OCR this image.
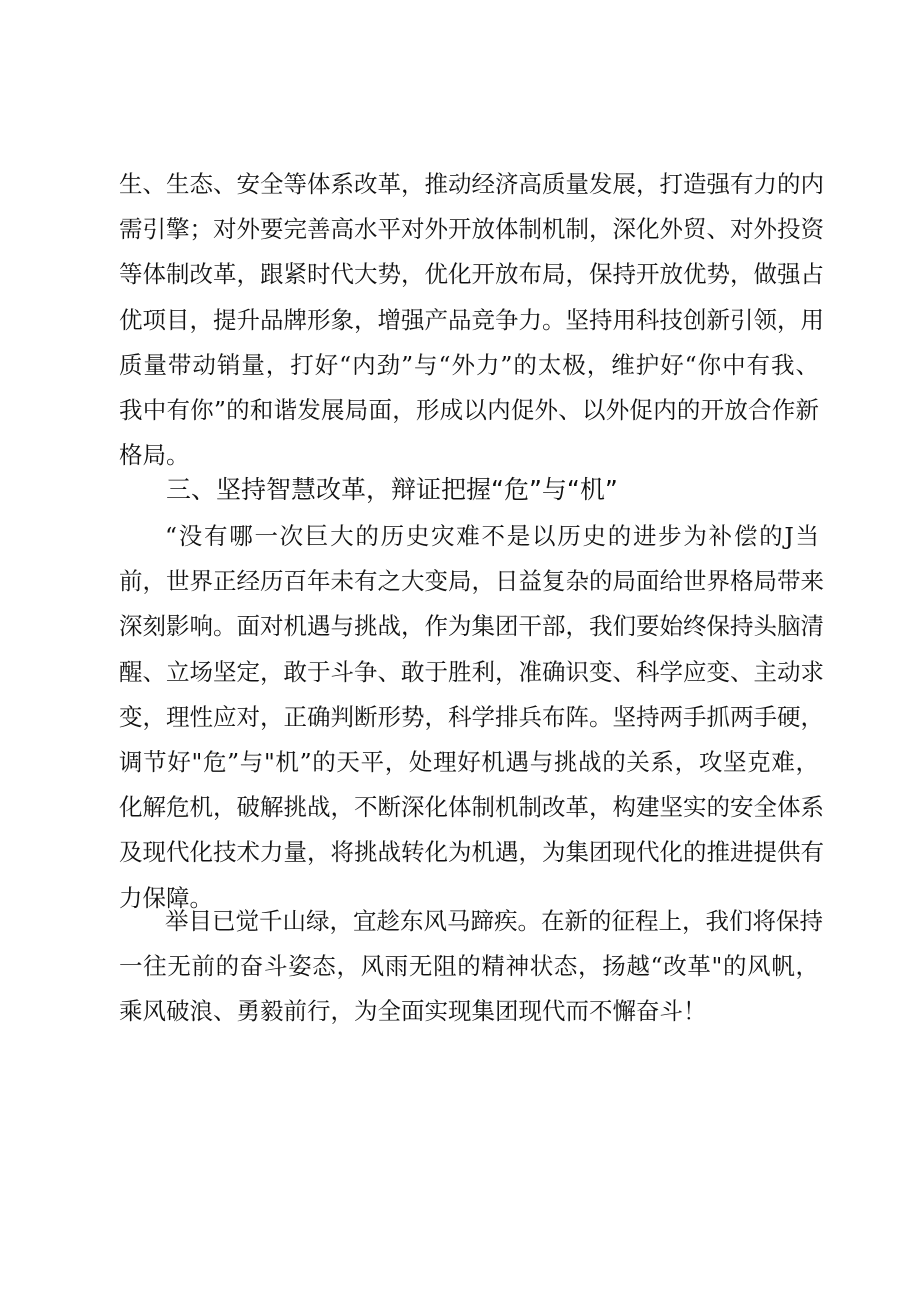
生、生态、安全等体系改革，推动经济高质量发展，打造强有力的内
需引擎；对外要完善高水平对外开放体制机制，深化外贸、对外投资
等体制改革，跟紧时代大势，优化开放布局，保持开放优势，做强占
优项目，提升品牌形象，增强产品竞争力。坚持用科技创新引领，用
质量带动销量，打好“内劲”与“外力”的太极，维护好“你中有我、
我中有你”的和谐发展局面，形成以内促外、以外促内的开放合作新
格局。
三、坚持智慧改革，辩证把握“危”与“机”
“没有哪一次巨大的历史灾难不是以历史的进步为补偿的J当
前，世界正经历百年未有之大变局，日益复杂的局面给世界格局带来
深刻影响。面对机遇与挑战，作为集团干部，我们要始终保持头脑清
醒、立场坚定，敢于斗争、敢于胜利，准确识变、科学应变、主动求
变，理性应对，正确判断形势，科学排兵布阵。坚持两手抓两手硬，
调节好"危”与"机”的天平，处理好机遇与挑战的关系，攻坚克难，
化解危机，破解挑战，不断深化体制机制改革，构建坚实的安全体系
及现代化技术力量，将挑战转化为机遇，为集团现代化的推进提供有
力保障。
举目已觉千山绿，宜趁东风马蹄疾。在新的征程上，我们将保持
一往无前的奋斗姿态，风雨无阻的精神状态，扬越“改革"的风帆，
乘风破浪、勇毅前行，为全面实现集团现代而不懈奋斗！
